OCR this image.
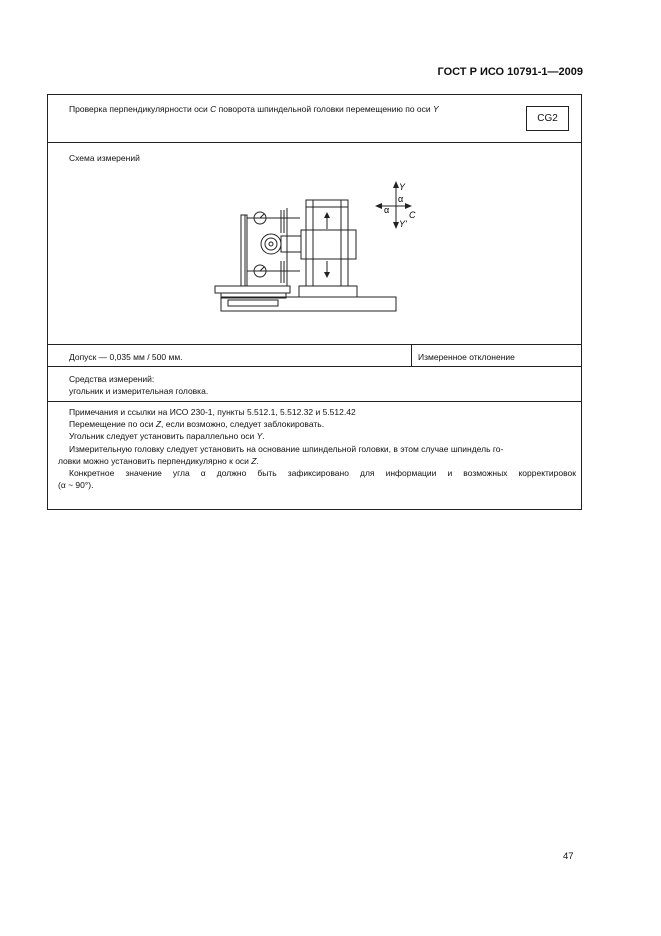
ГОСТ Р ИСО 10791-1—2009
Проверка перпендикулярности оси C поворота шпиндельной головки перемещению по оси Y
CG2
Схема измерений
Y
α
α C
Y'
Допуск — 0,035 мм / 500 мм.	Измеренное отклонение
Средства измерений:
угольник и измерительная головка.

Примечания и ссылки на ИСО 230-1, пункты 5.512.1, 5.512.32 и 5.512.42

Перемещение по оси Z, если возможно, следует заблокировать.

Угольник следует установить параллельно оси Y.

Измерительную головку следует установить на основание шпиндельной головки, в этом случае шпиндель го-

ловки можно установить перпендикулярно к оси Z.

Конкретное значение угла α должно быть зафиксировано для информации и возможных корректировок

(α ~ 90°).

47
